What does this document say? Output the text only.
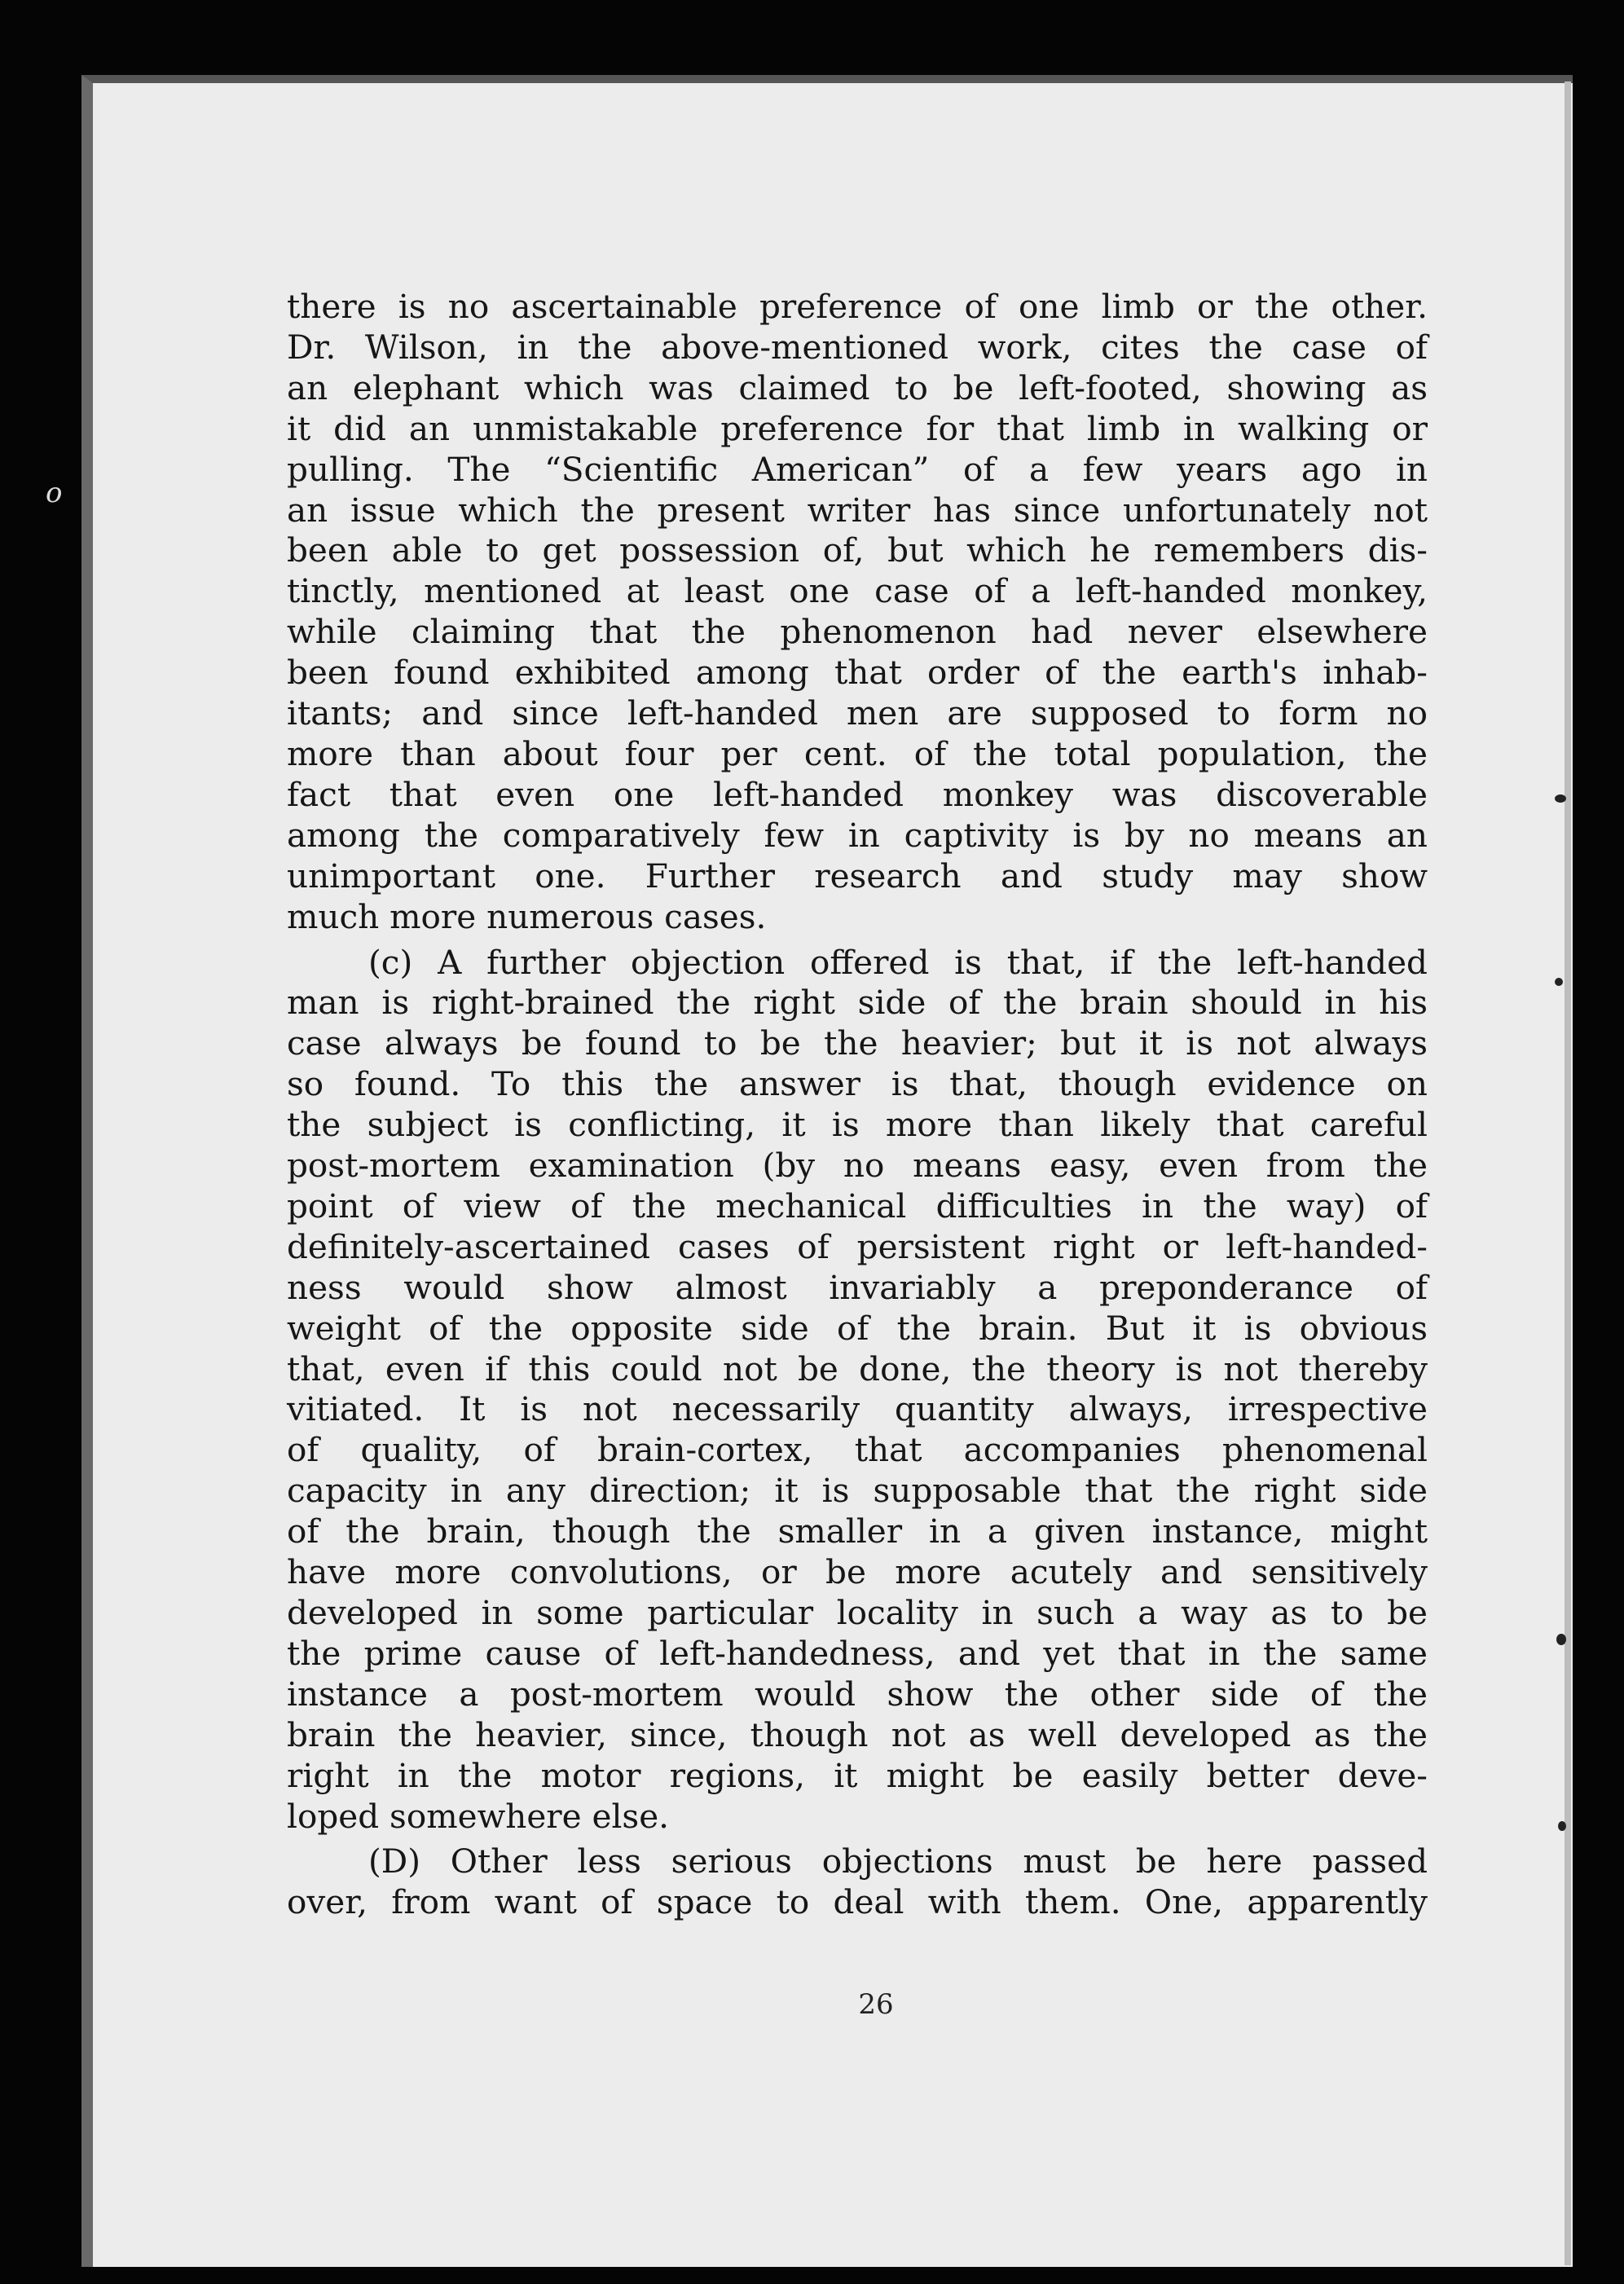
o
there is no ascertainable preference of one limb or the other.
Dr. Wilson, in the above-mentioned work, cites the case of
an elephant which was claimed to be left-footed, showing as
it did an unmistakable preference for that limb in walking or
pulling. The “Scientific American” of a few years ago in
an issue which the present writer has since unfortunately not
been able to get possession of, but which he remembers dis-
tinctly, mentioned at least one case of a left-handed monkey,
while claiming that the phenomenon had never elsewhere
been found exhibited among that order of the earth's inhab-
itants; and since left-handed men are supposed to form no
more than about four per cent. of the total population, the
fact that even one left-handed monkey was discoverable
among the comparatively few in captivity is by no means an
unimportant one. Further research and study may show
much more numerous cases.
(c) A further objection offered is that, if the left-handed
man is right-brained the right side of the brain should in his
case always be found to be the heavier; but it is not always
so found. To this the answer is that, though evidence on
the subject is conflicting, it is more than likely that careful
post-mortem examination (by no means easy, even from the
point of view of the mechanical difficulties in the way) of
definitely-ascertained cases of persistent right or left-handed-
ness would show almost invariably a preponderance of
weight of the opposite side of the brain. But it is obvious
that, even if this could not be done, the theory is not thereby
vitiated. It is not necessarily quantity always, irrespective
of quality, of brain-cortex, that accompanies phenomenal
capacity in any direction; it is supposable that the right side
of the brain, though the smaller in a given instance, might
have more convolutions, or be more acutely and sensitively
developed in some particular locality in such a way as to be
the prime cause of left-handedness, and yet that in the same
instance a post-mortem would show the other side of the
brain the heavier, since, though not as well developed as the
right in the motor regions, it might be easily better deve-
loped somewhere else.
(D) Other less serious objections must be here passed
over, from want of space to deal with them. One, apparently
26
